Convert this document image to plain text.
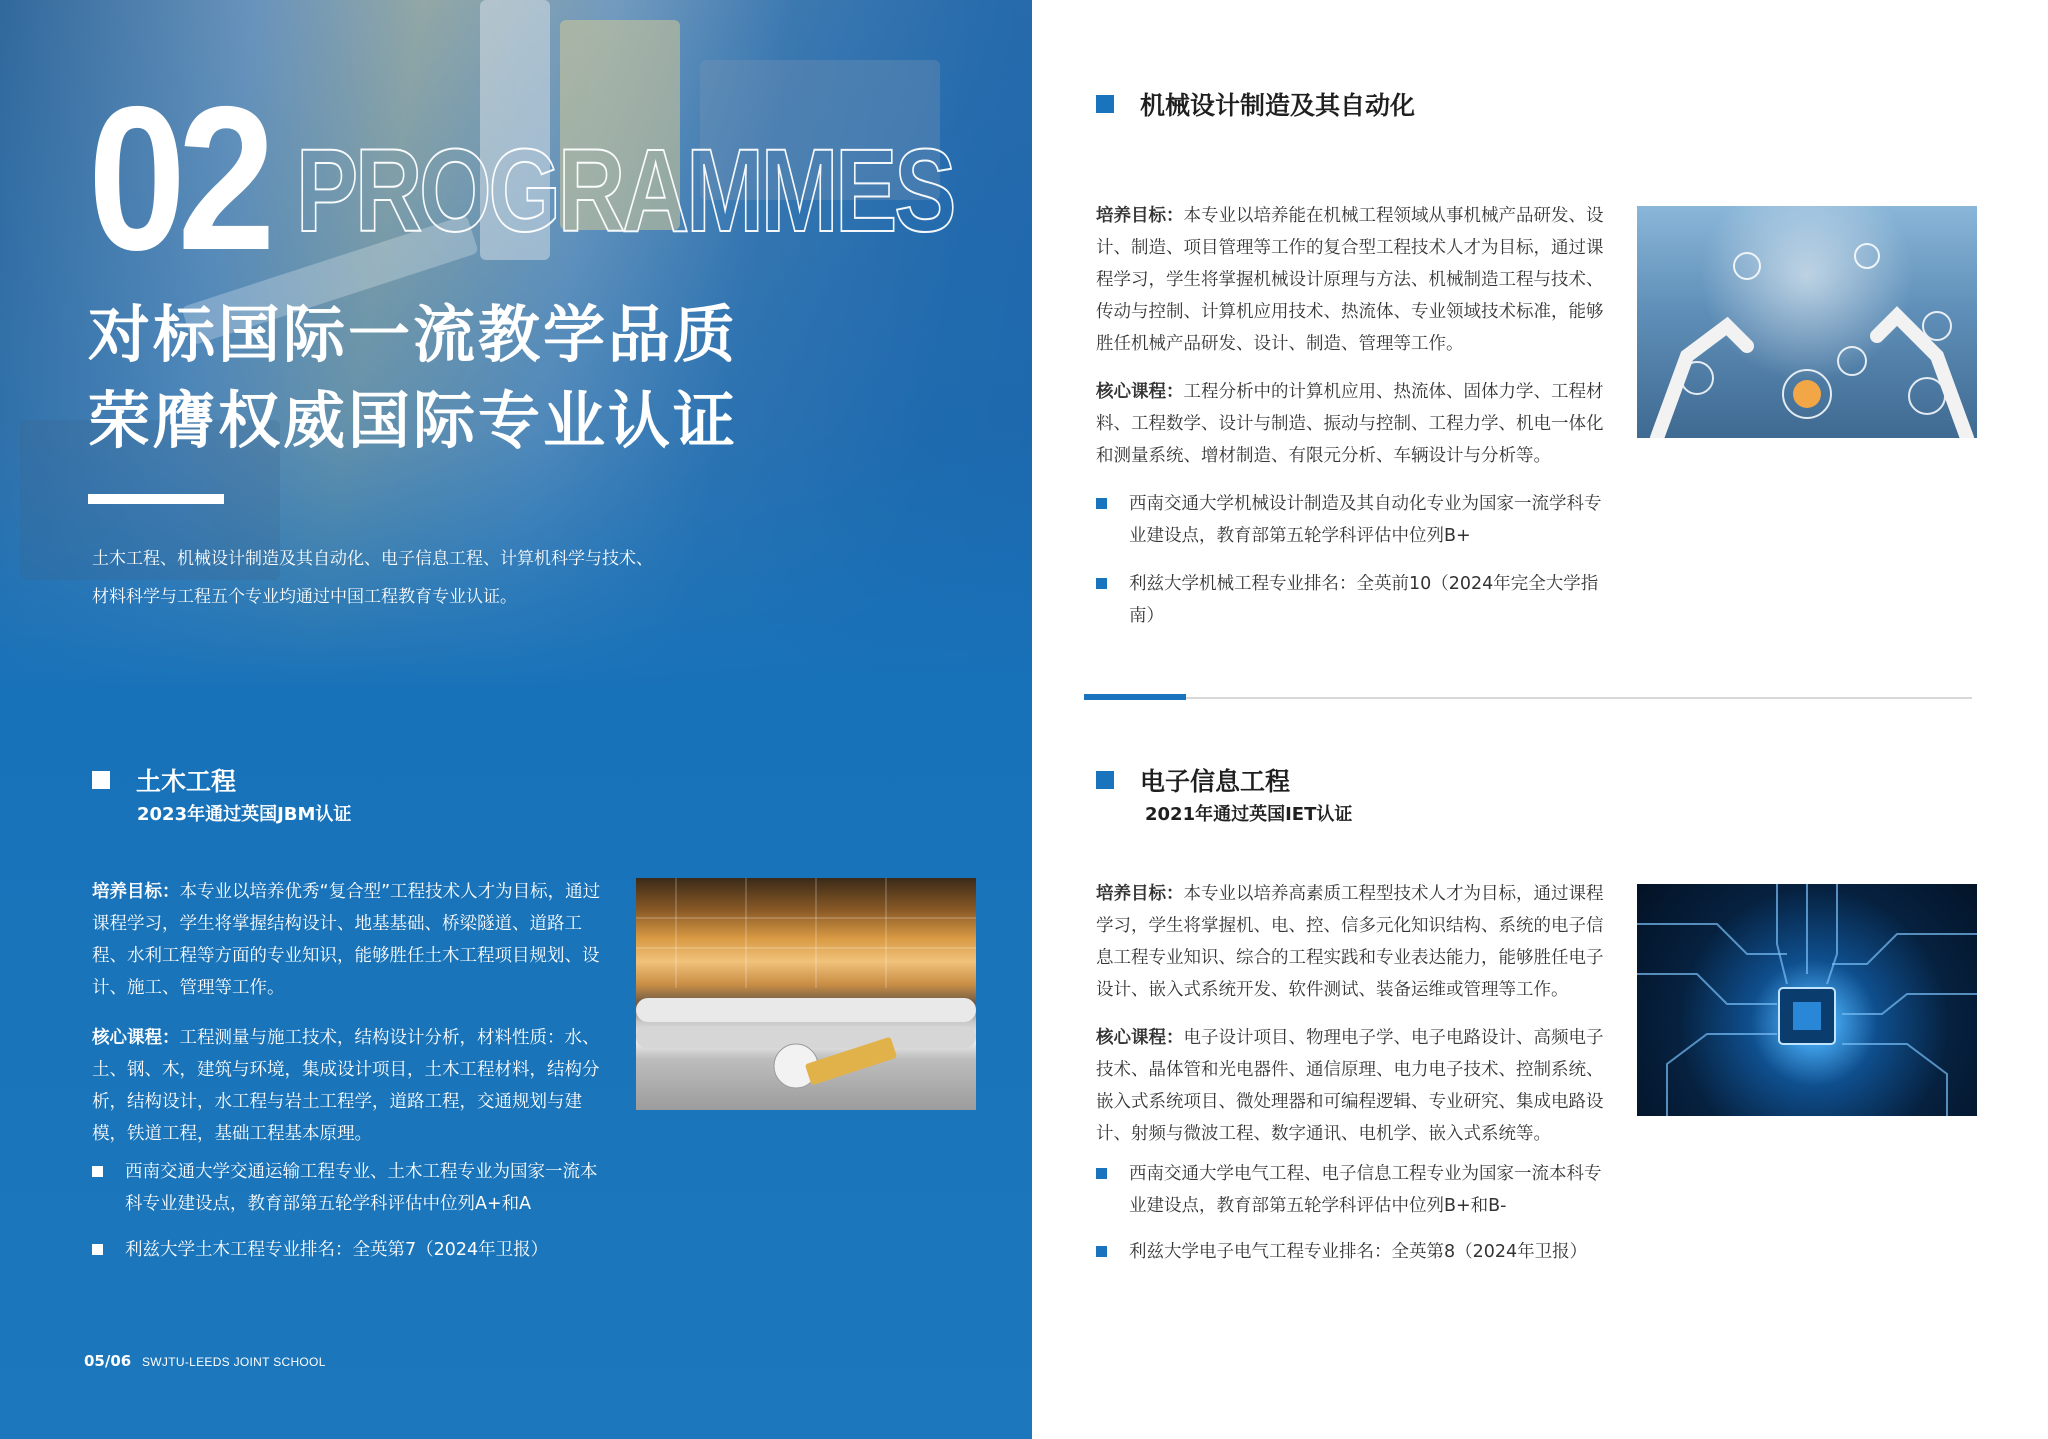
02 PROGRAMMES
对标国际一流教学品质
荣膺权威国际专业认证
土木工程、机械设计制造及其自动化、电子信息工程、计算机科学与技术、
材料科学与工程五个专业均通过中国工程教育专业认证。
土木工程
2023年通过英国JBM认证
培养目标：本专业以培养优秀“复合型”工程技术人才为目标，通过课程学习，学生将掌握结构设计、地基基础、桥梁隧道、道路工程、水利工程等方面的专业知识，能够胜任土木工程项目规划、设计、施工、管理等工作。
核心课程：工程测量与施工技术，结构设计分析，材料性质：水、土、钢、木，建筑与环境，集成设计项目，土木工程材料，结构分析，结构设计，水工程与岩土工程学，道路工程，交通规划与建模，铁道工程，基础工程基本原理。
西南交通大学交通运输工程专业、土木工程专业为国家一流本科专业建设点，教育部第五轮学科评估中位列A+和A
利兹大学土木工程专业排名：全英第7（2024年卫报）
05/06 SWJTU-LEEDS JOINT SCHOOL
机械设计制造及其自动化
培养目标：本专业以培养能在机械工程领域从事机械产品研发、设计、制造、项目管理等工作的复合型工程技术人才为目标，通过课程学习，学生将掌握机械设计原理与方法、机械制造工程与技术、传动与控制、计算机应用技术、热流体、专业领域技术标准，能够胜任机械产品研发、设计、制造、管理等工作。
核心课程：工程分析中的计算机应用、热流体、固体力学、工程材料、工程数学、设计与制造、振动与控制、工程力学、机电一体化和测量系统、增材制造、有限元分析、车辆设计与分析等。
西南交通大学机械设计制造及其自动化专业为国家一流学科专业建设点，教育部第五轮学科评估中位列B+
利兹大学机械工程专业排名：全英前10（2024年完全大学指南）
电子信息工程
2021年通过英国IET认证
培养目标：本专业以培养高素质工程型技术人才为目标，通过课程学习，学生将掌握机、电、控、信多元化知识结构、系统的电子信息工程专业知识、综合的工程实践和专业表达能力，能够胜任电子设计、嵌入式系统开发、软件测试、装备运维或管理等工作。
核心课程：电子设计项目、物理电子学、电子电路设计、高频电子技术、晶体管和光电器件、通信原理、电力电子技术、控制系统、嵌入式系统项目、微处理器和可编程逻辑、专业研究、集成电路设计、射频与微波工程、数字通讯、电机学、嵌入式系统等。
西南交通大学电气工程、电子信息工程专业为国家一流本科专业建设点，教育部第五轮学科评估中位列B+和B-
利兹大学电子电气工程专业排名：全英第8（2024年卫报）
